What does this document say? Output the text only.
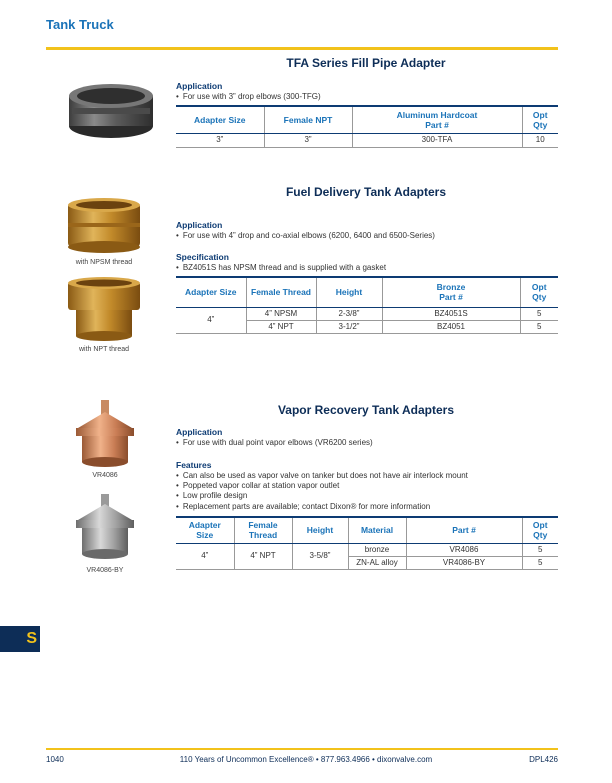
Tank Truck
TFA Series Fill Pipe Adapter
Application
• For use with 3” drop elbows (300-TFG)
Adapter Size	Female NPT	Aluminum Hardcoat
Part #	Opt
Qty
3”	3”	300-TFA	10
with NPSM thread
with NPT thread
Fuel Delivery Tank Adapters
Application
• For use with 4” drop and co-axial elbows (6200, 6400 and 6500-Series)
Specification
• BZ4051S has NPSM thread and is supplied with a gasket
Adapter Size	Female Thread	Height	Bronze
Part #	Opt
Qty
4”	4” NPSM	2-3/8”	BZ4051S	5
	4” NPT	3-1/2”	BZ4051	5
VR4086
VR4086-BY
Vapor Recovery Tank Adapters
Application
• For use with dual point vapor elbows (VR6200 series)
Features
• Can also be used as vapor valve on tanker but does not have air interlock mount
• Poppeted vapor collar at station vapor outlet
• Low profile design
• Replacement parts are available; contact Dixon® for more information
Adapter
Size	Female
Thread	Height	Material	Part #	Opt
Qty
4”	4” NPT	3-5/8”	bronze	VR4086	5
			ZN-AL alloy	VR4086-BY	5
S
110 Years of Uncommon Excellence® • 877.963.4966 • dixonvalve.com
1040	DPL426
